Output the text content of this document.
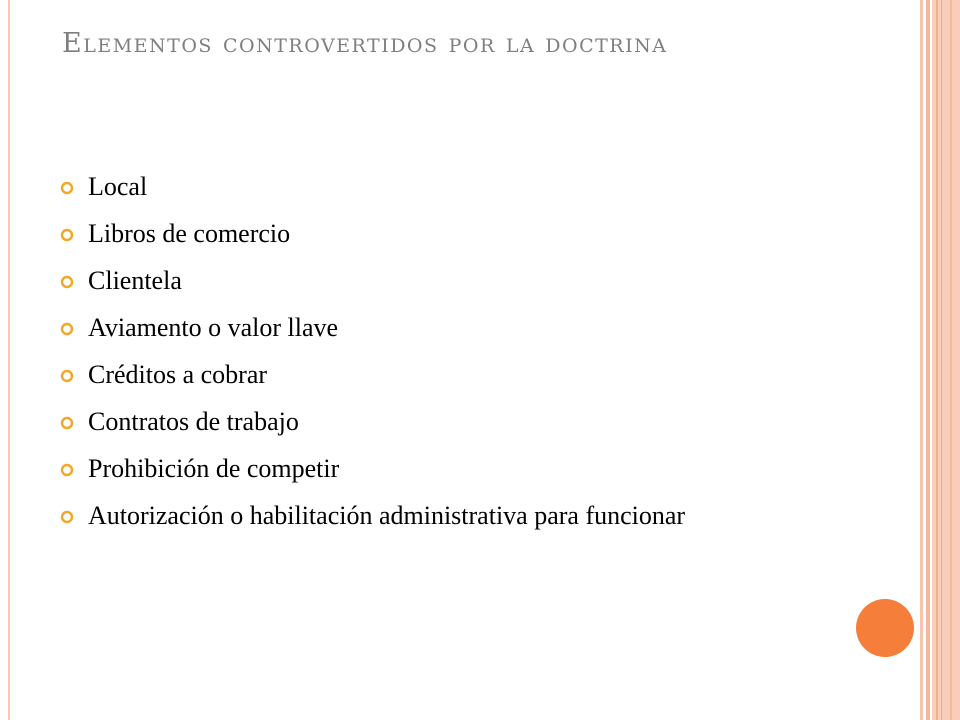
Elementos controvertidos por la doctrina
Local
Libros de comercio
Clientela
Aviamento o valor llave
Créditos a cobrar
Contratos de trabajo
Prohibición de competir
Autorización o habilitación administrativa para funcionar
